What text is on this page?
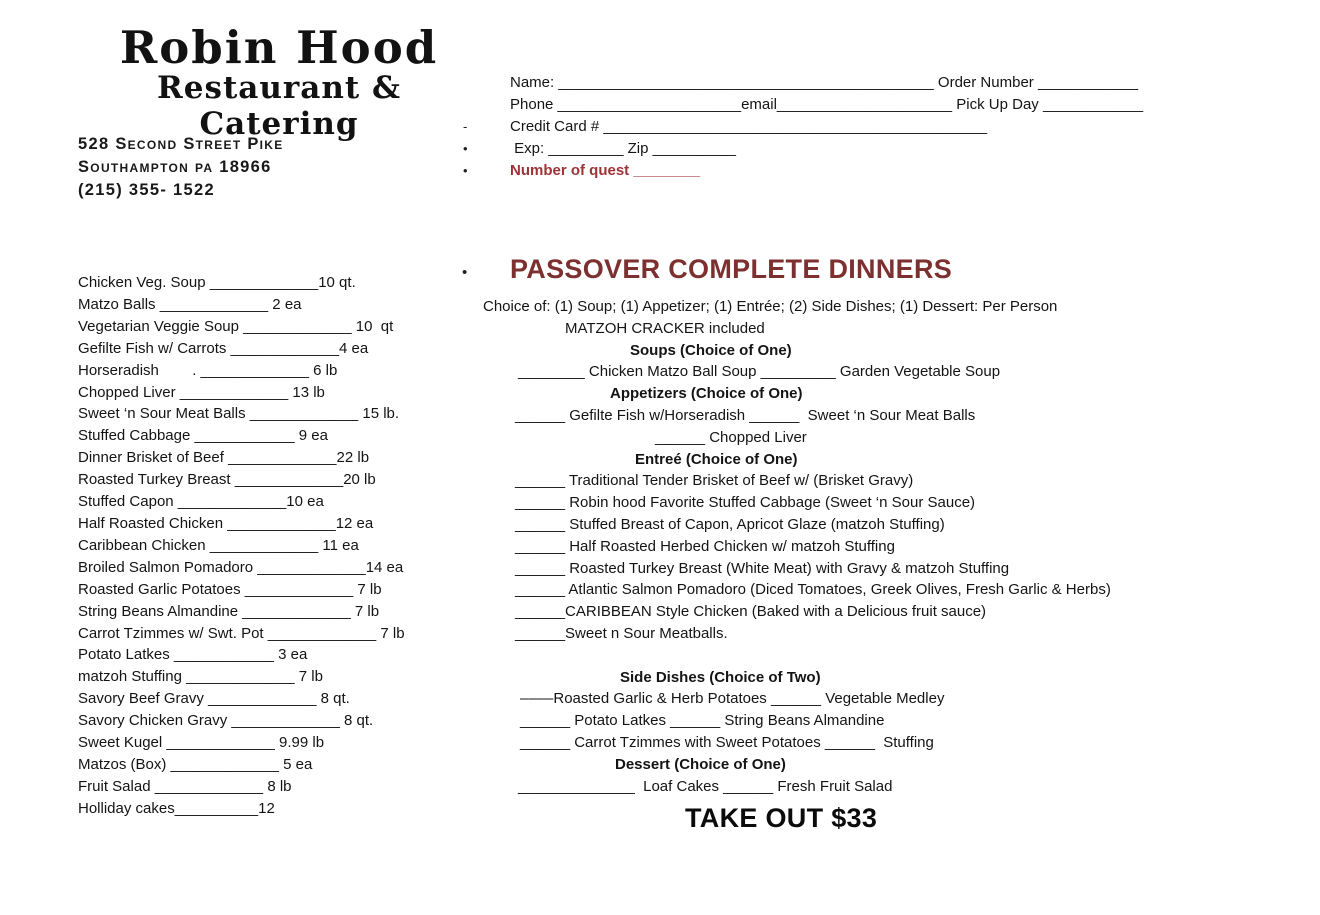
Robin Hood
Restaurant & Catering
528 Second Street Pike
Southampton pa 18966
(215) 355- 1522
Name: _____________________________________________ Order Number ____________
Phone ______________________email_____________________ Pick Up Day ____________
-	Credit Card # ______________________________________________
•	Exp: _________ Zip __________
•	Number of quest ________
Chicken Veg. Soup _____________10 qt.
Matzo Balls _____________ 2 ea
Vegetarian Veggie Soup _____________ 10  qt
Gefilte Fish w/ Carrots _____________4 ea
Horseradish        . _____________ 6 lb
Chopped Liver _____________ 13 lb
Sweet ‘n Sour Meat Balls _____________ 15 lb.
Stuffed Cabbage ____________ 9 ea
Dinner Brisket of Beef _____________22 lb
Roasted Turkey Breast _____________20 lb
Stuffed Capon _____________10 ea
Half Roasted Chicken _____________12 ea
Caribbean Chicken _____________ 11 ea
Broiled Salmon Pomadoro _____________14 ea
Roasted Garlic Potatoes _____________ 7 lb
String Beans Almandine _____________ 7 lb
Carrot Tzimmes w/ Swt. Pot _____________ 7 lb
Potato Latkes ____________ 3 ea
matzoh Stuffing _____________ 7 lb
Savory Beef Gravy _____________ 8 qt.
Savory Chicken Gravy _____________ 8 qt.
Sweet Kugel _____________ 9.99 lb
Matzos (Box) _____________ 5 ea
Fruit Salad _____________ 8 lb
Holliday cakes__________12
• PASSOVER COMPLETE DINNERS
Choice of: (1) Soup; (1) Appetizer; (1) Entrée; (2) Side Dishes; (1) Dessert: Per Person
MATZOH CRACKER included
Soups (Choice of One)
________ Chicken Matzo Ball Soup _________ Garden Vegetable Soup
Appetizers (Choice of One)
______ Gefilte Fish w/Horseradish ______  Sweet ‘n Sour Meat Balls
______ Chopped Liver
Entreé (Choice of One)
______ Traditional Tender Brisket of Beef w/ (Brisket Gravy)
______ Robin hood Favorite Stuffed Cabbage (Sweet ‘n Sour Sauce)
______ Stuffed Breast of Capon, Apricot Glaze (matzoh Stuffing)
______ Half Roasted Herbed Chicken w/ matzoh Stuffing
______ Roasted Turkey Breast (White Meat) with Gravy & matzoh Stuffing
______ Atlantic Salmon Pomadoro (Diced Tomatoes, Greek Olives, Fresh Garlic & Herbs)
______CARIBBEAN Style Chicken (Baked with a Delicious fruit sauce)
______Sweet n Sour Meatballs.
Side Dishes (Choice of Two)
––––Roasted Garlic & Herb Potatoes ______ Vegetable Medley
______ Potato Latkes ______ String Beans Almandine
______ Carrot Tzimmes with Sweet Potatoes ______  Stuffing
Dessert (Choice of One)
______________  Loaf Cakes ______ Fresh Fruit Salad
TAKE OUT $33
